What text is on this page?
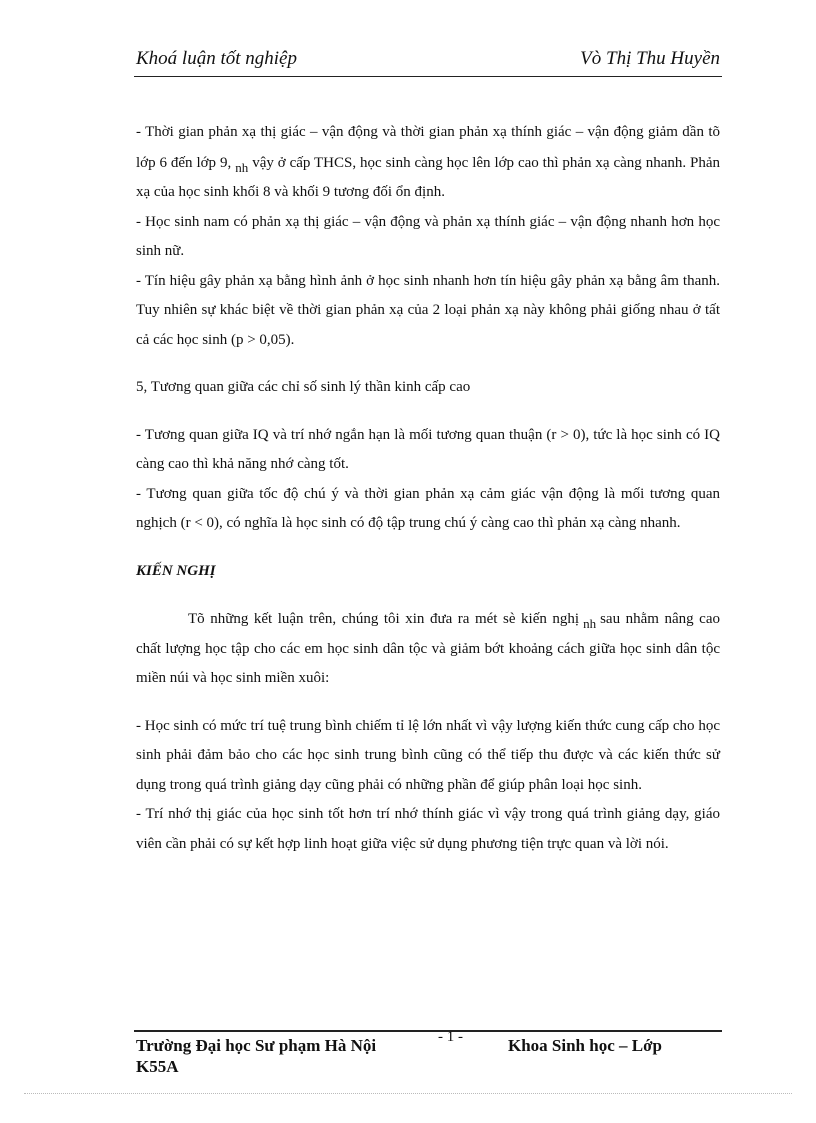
Khoá luận tốt nghiệp	Vò Thị Thu Huyền

- Thời gian phản xạ thị giác – vận động và thời gian phản xạ thính giác – vận động giảm dần tõ lớp 6 đến lớp 9, nh vậy ở cấp THCS, học sinh càng học lên lớp cao thì phản xạ càng nhanh. Phản xạ của học sinh khối 8 và khối 9 tương đối ổn định.

- Học sinh nam có phản xạ thị giác – vận động và phản xạ thính giác – vận động nhanh hơn học sinh nữ.

- Tín hiệu gây phản xạ bằng hình ảnh ở học sinh nhanh hơn tín hiệu gây phản xạ bằng âm thanh. Tuy nhiên sự khác biệt về thời gian phản xạ của 2 loại phản xạ này không phải giống nhau ở tất cả các học sinh (p > 0,05).

5, Tương quan giữa các chỉ số sinh lý thần kinh cấp cao

- Tương quan giữa IQ và trí nhớ ngắn hạn là mối tương quan thuận (r > 0), tức là học sinh có IQ càng cao thì khả năng nhớ càng tốt.

- Tương quan giữa tốc độ chú ý và thời gian phản xạ cảm giác vận động là mối tương quan nghịch (r < 0), có nghĩa là học sinh có độ tập trung chú ý càng cao thì phản xạ càng nhanh.

KIẾN NGHỊ

Tõ những kết luận trên, chúng tôi xin đưa ra mét sè kiến nghị nh sau nhằm nâng cao chất lượng học tập cho các em học sinh dân tộc và giảm bớt khoảng cách giữa học sinh dân tộc miền núi và học sinh miền xuôi:

- Học sinh có mức trí tuệ trung bình chiếm tỉ lệ lớn nhất vì vậy lượng kiến thức cung cấp cho học sinh phải đảm bảo cho các học sinh trung bình cũng có thể tiếp thu được và các kiến thức sử dụng trong quá trình giảng dạy cũng phải có những phần để giúp phân loại học sinh.

- Trí nhớ thị giác của học sinh tốt hơn trí nhớ thính giác vì vậy trong quá trình giảng dạy, giáo viên cần phải có sự kết hợp linh hoạt giữa việc sử dụng phương tiện trực quan và lời nói.

Trường Đại học Sư phạm Hà Nội
K55A
- 1 -	Khoa Sinh học – Lớp
